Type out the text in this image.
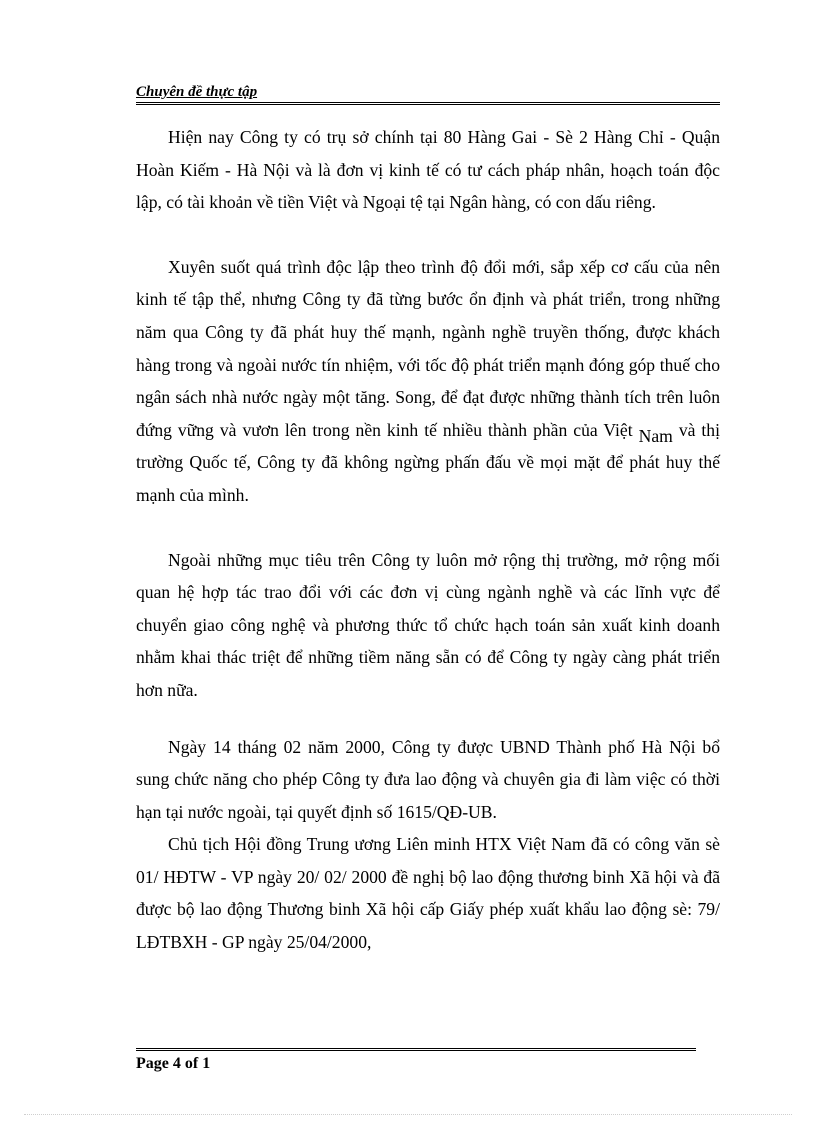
Chuyên đề thực tập

Hiện nay Công ty có trụ sở chính tại 80 Hàng Gai - Sè 2 Hàng Chỉ - Quận Hoàn Kiếm - Hà Nội và là đơn vị kinh tế có tư cách pháp nhân, hoạch toán độc lập, có tài khoản về tiền Việt và Ngoại tệ tại Ngân hàng, có con dấu riêng.

Xuyên suốt quá trình độc lập theo trình độ đổi mới, sắp xếp cơ cấu của nên kinh tế tập thể, nhưng Công ty đã từng bước ổn định và phát triển, trong những năm qua Công ty đã phát huy thế mạnh, ngành nghề truyền thống, được khách hàng trong và ngoài nước tín nhiệm, với tốc độ phát triển mạnh đóng góp thuế cho ngân sách nhà nước ngày một tăng. Song, để đạt được những thành tích trên luôn đứng vững và vươn lên trong nền kinh tế nhiều thành phần của Việt Nam và thị trường Quốc tế, Công ty đã không ngừng phấn đấu về mọi mặt để phát huy thế mạnh của mình.

Ngoài những mục tiêu trên Công ty luôn mở rộng thị trường, mở rộng mối quan hệ hợp tác trao đổi với các đơn vị cùng ngành nghề và các lĩnh vực để chuyển giao công nghệ và phương thức tổ chức hạch toán sản xuất kinh doanh nhằm khai thác triệt để những tiềm năng sẵn có để Công ty ngày càng phát triển hơn nữa.

Ngày 14 tháng 02 năm 2000, Công ty được UBND Thành phố Hà Nội bổ sung chức năng cho phép Công ty đưa lao động và chuyên gia đi làm việc có thời hạn tại nước ngoài, tại quyết định số 1615/QĐ-UB.

Chủ tịch Hội đồng Trung ương Liên minh HTX Việt Nam đã có công văn sè 01/ HĐTW - VP ngày 20/ 02/ 2000 đề nghị bộ lao động thương binh Xã hội và đã được bộ lao động Thương binh Xã hội cấp Giấy phép xuất khẩu lao động sè: 79/ LĐTBXH - GP ngày 25/04/2000,

Page 4 of 1
